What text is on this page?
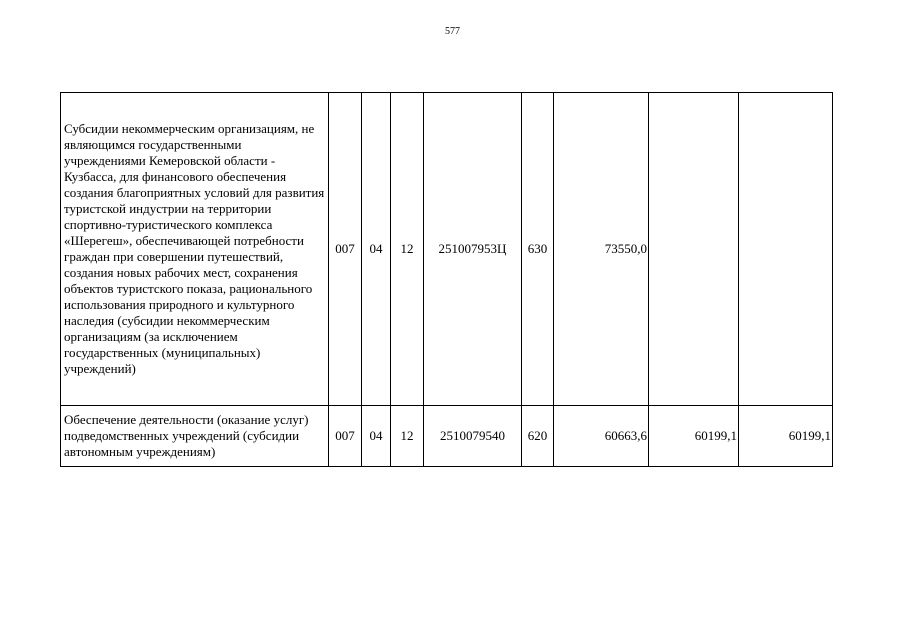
577
Субсидии некоммерческим организациям, не являющимся государственными учреждениями Кемеровской области - Кузбасса, для финансового обеспечения создания благоприятных условий для развития туристской индустрии на территории спортивно-туристического комплекса «Шерегеш», обеспечивающей потребности граждан при совершении путешествий, создания новых рабочих мест, сохранения объектов туристского показа, рационального использования природного и культурного наследия (субсидии некоммерческим организациям (за исключением государственных (муниципальных) учреждений)	007	04	12	251007953Ц	630	73550,0		
Обеспечение деятельности (оказание услуг) подведомственных учреждений (субсидии автономным учреждениям)	007	04	12	2510079540	620	60663,6	60199,1	60199,1
